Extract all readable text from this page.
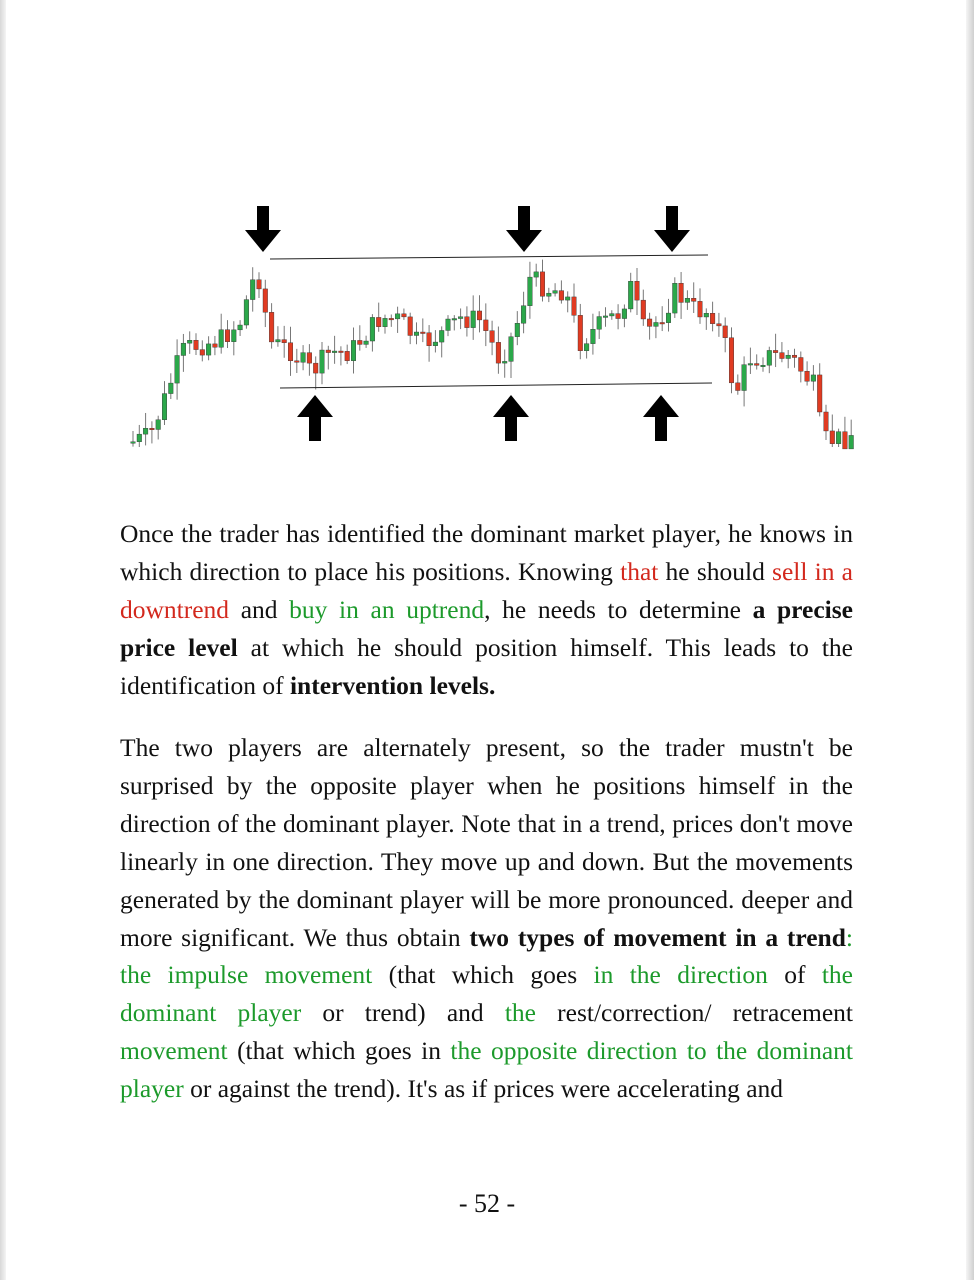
Once the trader has identified the dominant market player, he knows in which direction to place his positions. Knowing that he should sell in a downtrend and buy in an uptrend, he needs to determine a precise price level at which he should position himself. This leads to the identification of intervention levels.

The two players are alternately present, so the trader mustn't be surprised by the opposite player when he positions himself in the direction of the dominant player. Note that in a trend, prices don't move linearly in one direction. They move up and down. But the movements generated by the dominant player will be more pronounced. deeper and more significant. We thus obtain two types of movement in a trend: the impulse movement (that which goes in the direction of the dominant player or trend) and the rest/correction/ retracement movement (that which goes in the opposite direction to the dominant player or against the trend). It's as if prices were accelerating and

- 52 -
